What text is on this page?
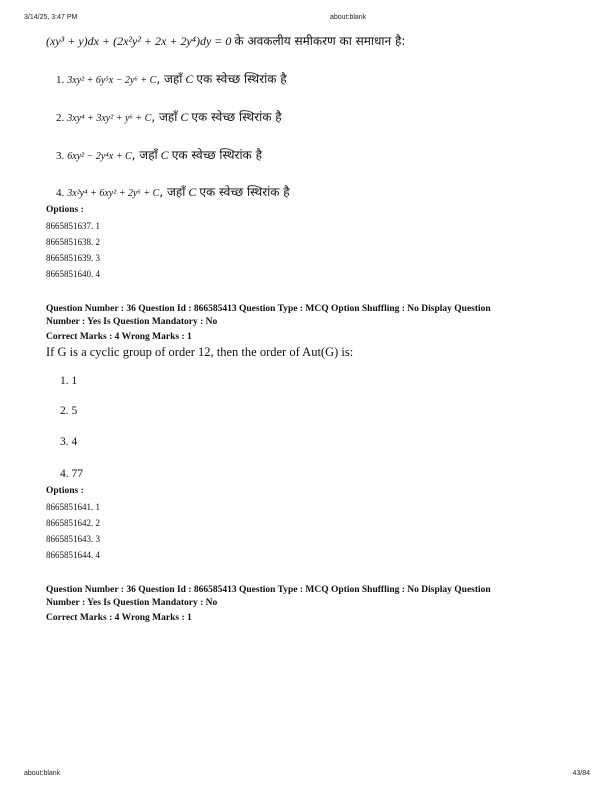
3/14/25, 3:47 PM	about:blank
(xy³ + y)dx + (2x²y² + 2x + 2y⁴)dy = 0 के अवकलीय समीकरण का समाधान है:
1. 3xy² + 6y⁵x − 2y⁶ + C, जहाँ C एक स्वेच्छ स्थिरांक है
2. 3xy⁴ + 3xy² + y⁶ + C, जहाँ C एक स्वेच्छ स्थिरांक है
3. 6xy² − 2y⁴x + C, जहाँ C एक स्वेच्छ स्थिरांक है
4. 3x²y⁴ + 6xy² + 2y⁶ + C, जहाँ C एक स्वेच्छ स्थिरांक है
Options :
8665851637. 1
8665851638. 2
8665851639. 3
8665851640. 4
Question Number : 36 Question Id : 866585413 Question Type : MCQ Option Shuffling : No Display Question
Number : Yes Is Question Mandatory : No
Correct Marks : 4 Wrong Marks : 1
If G is a cyclic group of order 12, then the order of Aut(G) is:
1. 1
2. 5
3. 4
4. 77
Options :
8665851641. 1
8665851642. 2
8665851643. 3
8665851644. 4
Question Number : 36 Question Id : 866585413 Question Type : MCQ Option Shuffling : No Display Question
Number : Yes Is Question Mandatory : No
Correct Marks : 4 Wrong Marks : 1
about:blank	43/84
